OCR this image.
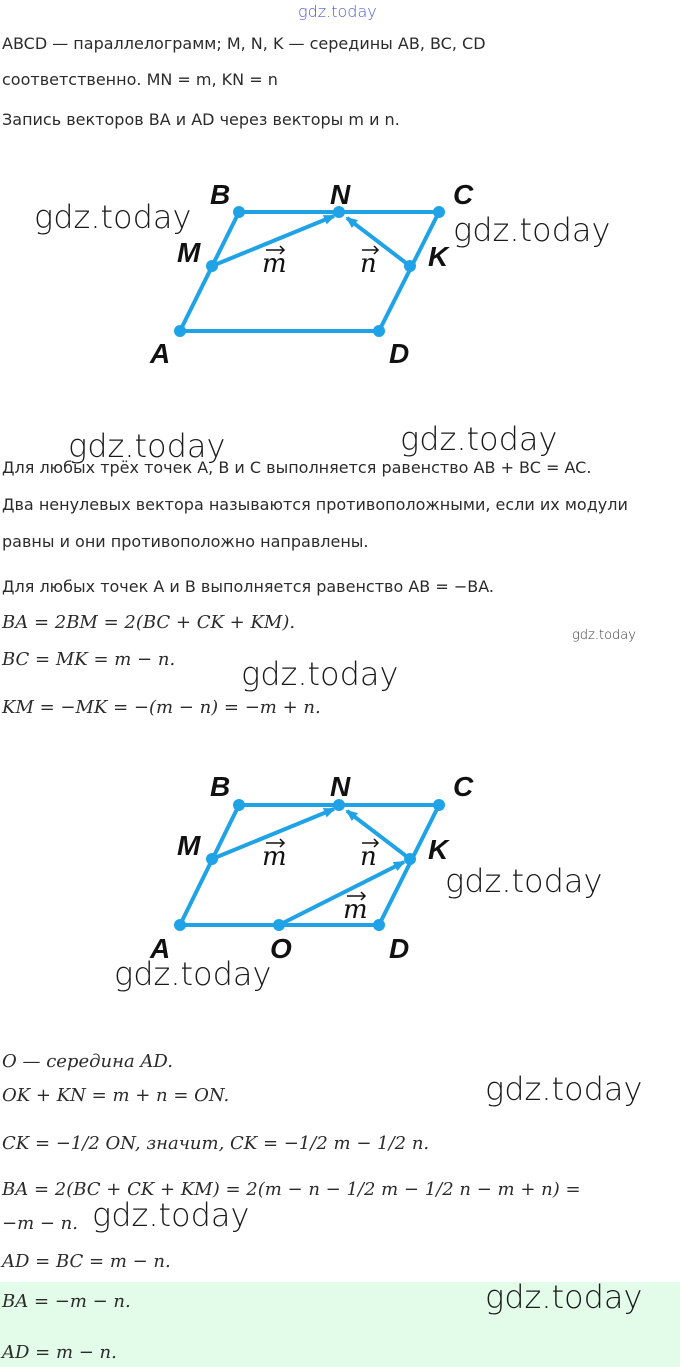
gdz.today
ABCD — параллелограмм; M, N, K — середины AB, BC, CD
соответственно. MN = m, KN = n
Запись векторов BA и AD через векторы m и n.
A
B	N	C
M	K
D
m	n
gdz.today	gdz.today
gdz.today	gdz.today
Для любых трёх точек A, B и C выполняется равенство AB + BC = AC.
Два ненулевых вектора называются противоположными, если их модули
равны и они противоположно направлены.
Для любых точек A и B выполняется равенство AB = −BA.
BA = 2BM = 2(BC + CK + KM).
gdz.today
BC = MK = m − n. gdz.today
KM = −MK = −(m − n) = −m + n.
A
B	N	C
M	K
O	D
m	n
m
gdz.today
gdz.today
O — середина AD.
gdz.today
OK + KN = m + n = ON.
CK = −1/2 ON, значит, CK = −1/2 m − 1/2 n.
BA = 2(BC + CK + KM) = 2(m − n − 1/2 m − 1/2 n − m + n) =
−m − n. gdz.today
AD = BC = m − n.
BA = −m − n.	gdz.today
AD = m − n.
